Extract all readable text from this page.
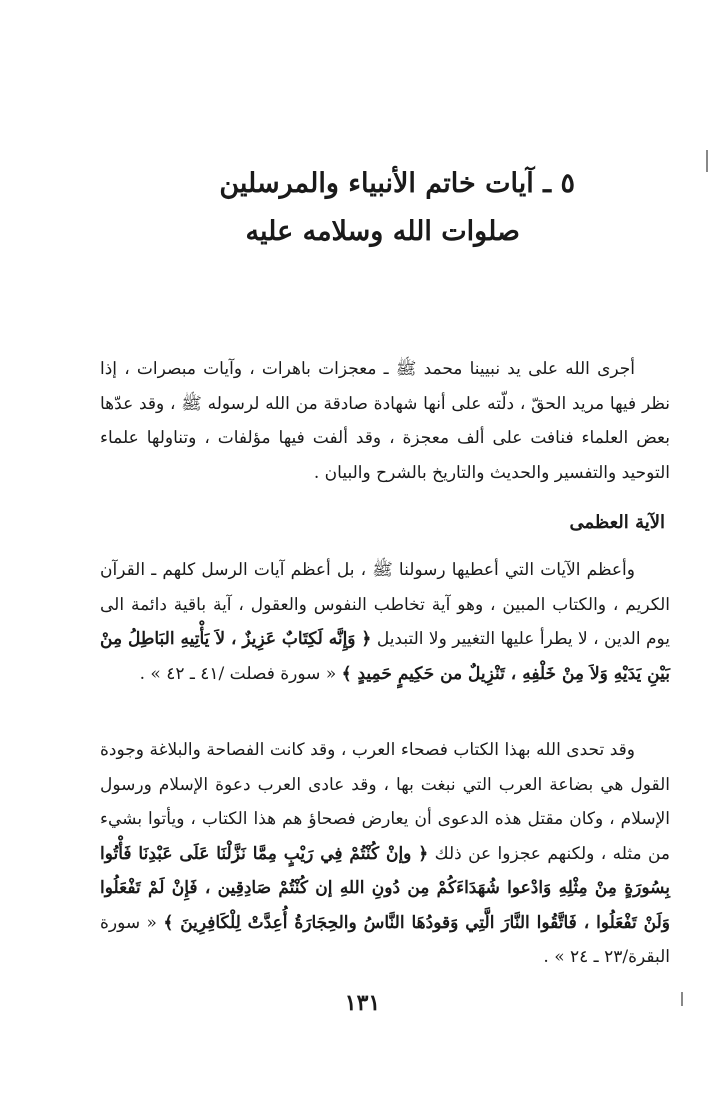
٥ ـ آيات خاتم الأنبياء والمرسلين
صلوات الله وسلامه عليه

أجرى الله على يد نبيينا محمد ﷺ ـ معجزات باهرات ، وآيات مبصرات ، إذا نظر فيها مريد الحقّ ، دلّته على أنها شهادة صادقة من الله لرسوله ﷺ ، وقد عدّها بعض العلماء فنافت على ألف معجزة ، وقد ألفت فيها مؤلفات ، وتناولها علماء التوحيد والتفسير والحديث والتاريخ بالشرح والبيان .

الآية العظمى

وأعظم الآيات التي أعطيها رسولنا ﷺ ، بل أعظم آيات الرسل كلهم ـ القرآن الكريم ، والكتاب المبين ، وهو آية تخاطب النفوس والعقول ، آية باقية دائمة الى يوم الدين ، لا يطرأ عليها التغيير ولا التبديل ﴿ وَإِنَّه لَكِتَابٌ عَزِيزٌ ، لاَ يَأْتِيهِ البَاطِلُ مِنْ بَيْنِ يَدَيْهِ وَلاَ مِنْ خَلْفِهِ ، تَنْزِيلٌ من حَكِيمٍ حَمِيدٍ ﴾ « سورة فصلت /٤١ ـ ٤٢ » .

وقد تحدى الله بهذا الكتاب فصحاء العرب ، وقد كانت الفصاحة والبلاغة وجودة القول هي بضاعة العرب التي نبغت بها ، وقد عادى العرب دعوة الإسلام ورسول الإسلام ، وكان مقتل هذه الدعوى أن يعارض فصحاؤ هم هذا الكتاب ، ويأتوا بشيء من مثله ، ولكنهم عجزوا عن ذلك ﴿ وإنْ كُنْتُمْ فِي رَيْبٍ مِمَّا نَزَّلْنَا عَلَى عَبْدِنَا فَأْتُوا بِسُورَةٍ مِنْ مِثْلِهِ وَادْعوا شُهَدَاءَكُمْ مِن دُونِ اللهِ إن كُنْتُمْ صَادِقِين ، فَإِنْ لَمْ تَفْعَلُوا وَلَنْ تَفْعَلُوا ، فَاتَّقُوا النَّارَ الَّتِي وَقودُهَا النَّاسُ والحِجَارَةُ أُعِدَّتْ لِلْكَافِرِينَ ﴾ « سورة البقرة/٢٣ ـ ٢٤ » .

١٣١
